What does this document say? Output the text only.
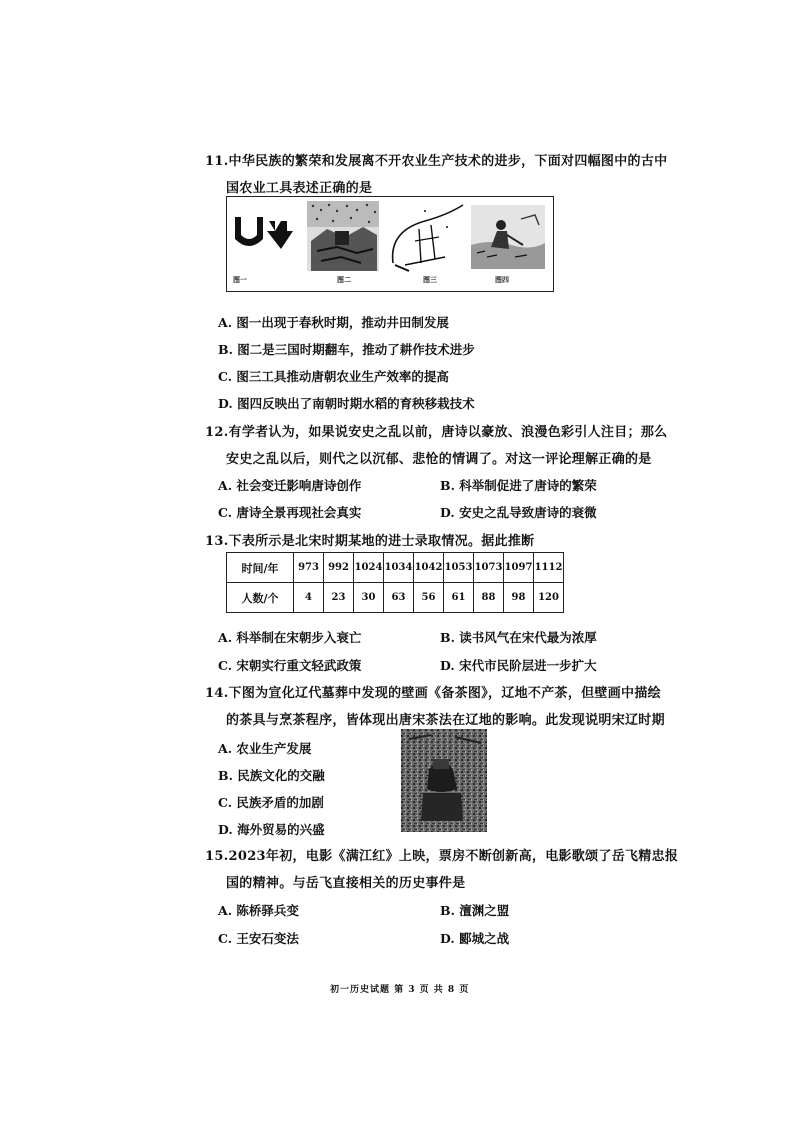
11.中华民族的繁荣和发展离不开农业生产技术的进步，下面对四幅图中的古中
国农业工具表述正确的是
图一	图二	图三	图四
A. 图一出现于春秋时期，推动井田制发展
B. 图二是三国时期翻车，推动了耕作技术进步
C. 图三工具推动唐朝农业生产效率的提高
D. 图四反映出了南朝时期水稻的育秧移栽技术
12.有学者认为，如果说安史之乱以前，唐诗以豪放、浪漫色彩引人注目；那么
安史之乱以后，则代之以沉郁、悲怆的情调了。对这一评论理解正确的是
A. 社会变迁影响唐诗创作	B. 科举制促进了唐诗的繁荣
C. 唐诗全景再现社会真实	D. 安史之乱导致唐诗的衰微
13.下表所示是北宋时期某地的进士录取情况。据此推断
时间/年	973	992	1024	1034	1042	1053	1073	1097	1112
人数/个	4	23	30	63	56	61	88	98	120
A. 科举制在宋朝步入衰亡	B. 读书风气在宋代最为浓厚
C. 宋朝实行重文轻武政策	D. 宋代市民阶层进一步扩大
14.下图为宣化辽代墓葬中发现的壁画《备茶图》，辽地不产茶，但壁画中描绘
的茶具与烹茶程序，皆体现出唐宋茶法在辽地的影响。此发现说明宋辽时期
A. 农业生产发展
B. 民族文化的交融
C. 民族矛盾的加剧
D. 海外贸易的兴盛
15.2023年初，电影《满江红》上映，票房不断创新高，电影歌颂了岳飞精忠报
国的精神。与岳飞直接相关的历史事件是
A. 陈桥驿兵变	B. 澶渊之盟
C. 王安石变法	D. 郾城之战
初一历史试题 第 3 页 共 8 页
